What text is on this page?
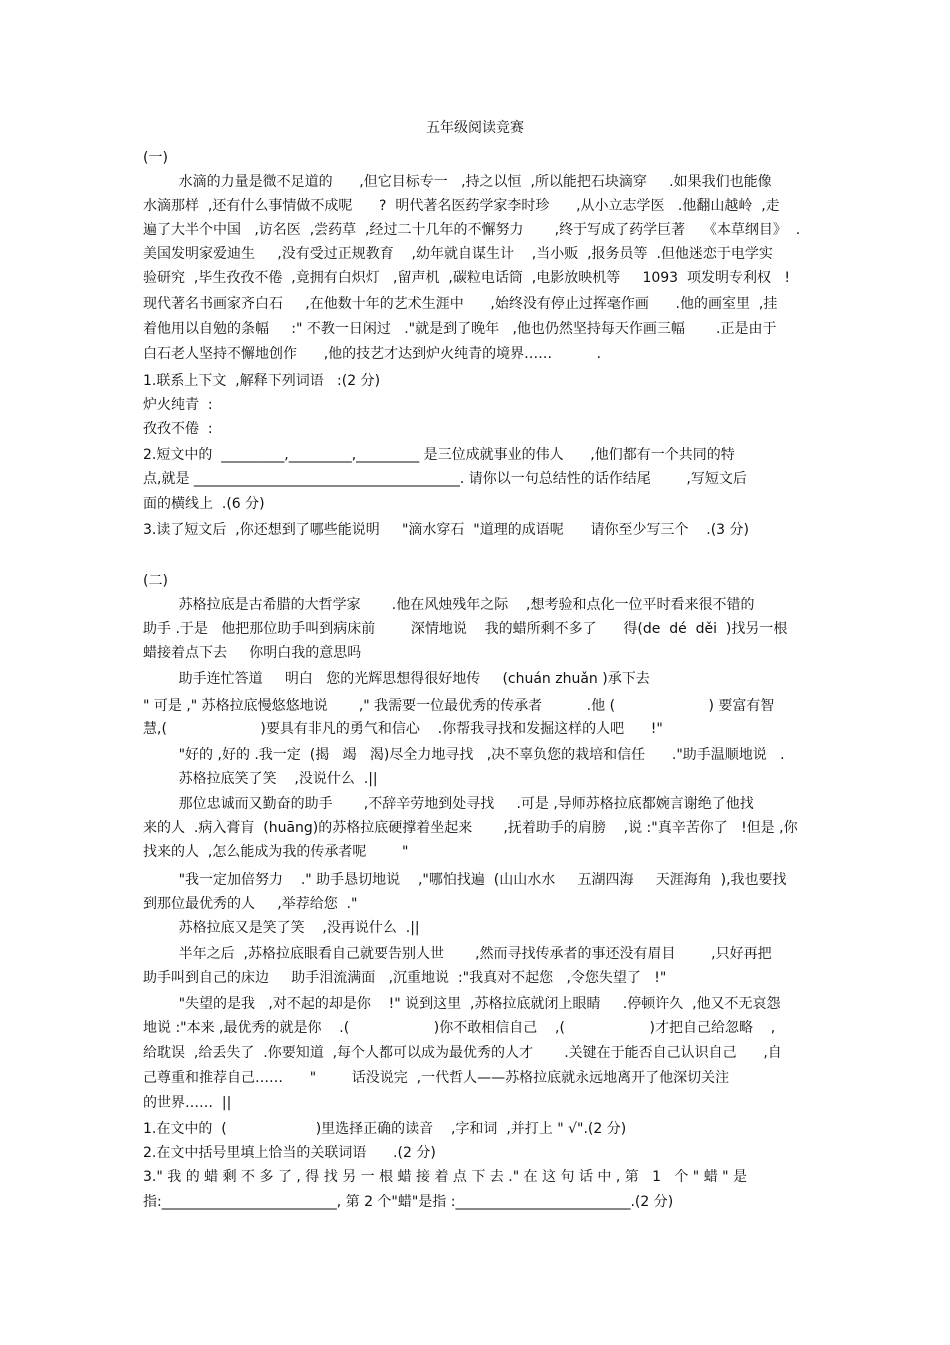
五年级阅读竞赛
(一)
水滴的力量是微不足道的      ,但它目标专一   ,持之以恒  ,所以能把石块滴穿     .如果我们也能像
水滴那样  ,还有什么事情做不成呢      ?  明代著名医药学家李时珍      ,从小立志学医   .他翻山越岭  ,走
遍了大半个中国   ,访名医  ,尝药草  ,经过二十几年的不懈努力       ,终于写成了药学巨著    《本草纲目》  .
美国发明家爱迪生     ,没有受过正规教育    ,幼年就自谋生计    ,当小贩  ,报务员等  .但他迷恋于电学实
验研究  ,毕生孜孜不倦  ,竟拥有白炽灯   ,留声机  ,碳粒电话筒  ,电影放映机等     1093  项发明专利权   !
现代著名书画家齐白石     ,在他数十年的艺术生涯中      ,始终没有停止过挥毫作画      .他的画室里  ,挂
着他用以自勉的条幅     :" 不教一日闲过   ."就是到了晚年   ,他也仍然坚持每天作画三幅       .正是由于
白石老人坚持不懈地创作      ,他的技艺才达到炉火纯青的境界……          .
1.联系上下文  ,解释下列词语   :(2 分)
炉火纯青  :
孜孜不倦  :
2.短文中的  _________,_________,_________ 是三位成就事业的伟人      ,他们都有一个共同的特
点,就是 ______________________________________. 请你以一句总结性的话作结尾        ,写短文后
面的横线上  .(6 分)
3.读了短文后  ,你还想到了哪些能说明     "滴水穿石  "道理的成语呢      请你至少写三个    .(3 分)
(二)
苏格拉底是古希腊的大哲学家       .他在风烛残年之际    ,想考验和点化一位平时看来很不错的
助手 .于是   他把那位助手叫到病床前        深情地说    我的蜡所剩不多了      得(de  dé  děi  )找另一根
蜡接着点下去     你明白我的意思吗
助手连忙答道     明白   您的光辉思想得很好地传     (chuán zhuǎn )承下去
" 可是 ," 苏格拉底慢悠悠地说       ," 我需要一位最优秀的传承者          .他 (                     ) 要富有智
慧,(                     )要具有非凡的勇气和信心    .你帮我寻找和发掘这样的人吧      !"
"好的 ,好的 .我一定  (揭   竭   渴)尽全力地寻找   ,决不辜负您的栽培和信任      ."助手温顺地说   .
苏格拉底笑了笑    ,没说什么  .||
那位忠诚而又勤奋的助手       ,不辞辛劳地到处寻找     .可是 ,导师苏格拉底都婉言谢绝了他找
来的人  .病入膏肓  (huāng)的苏格拉底硬撑着坐起来       ,抚着助手的肩膀    ,说 :"真辛苦你了   !但是 ,你
找来的人  ,怎么能成为我的传承者呢        "
"我一定加倍努力    ." 助手恳切地说    ,"哪怕找遍  (山山水水     五湖四海     天涯海角  ),我也要找
到那位最优秀的人     ,举荐给您  ."
苏格拉底又是笑了笑    ,没再说什么  .||
半年之后  ,苏格拉底眼看自己就要告别人世       ,然而寻找传承者的事还没有眉目        ,只好再把
助手叫到自己的床边     助手泪流满面   ,沉重地说  :"我真对不起您   ,令您失望了   !"
"失望的是我   ,对不起的却是你    !" 说到这里  ,苏格拉底就闭上眼睛     .停顿许久  ,他又不无哀怨
地说 :"本来 ,最优秀的就是你    .(                   )你不敢相信自己    ,(                   )才把自己给忽略    ,
给耽误  ,给丢失了  .你要知道  ,每个人都可以成为最优秀的人才       .关键在于能否自己认识自己      ,自
己尊重和推荐自己……      "        话没说完  ,一代哲人——苏格拉底就永远地离开了他深切关注
的世界……  ||
1.在文中的  (                    )里选择正确的读音    ,字和词  ,并打上 " √".(2 分)
2.在文中括号里填上恰当的关联词语      .(2 分)
3." 我 的 蜡 剩 不 多 了 , 得 找 另 一 根 蜡 接 着 点 下 去 ." 在 这 句 话 中 , 第   1   个 " 蜡 " 是
指:_________________________, 第 2 个"蜡"是指 :_________________________.(2 分)
